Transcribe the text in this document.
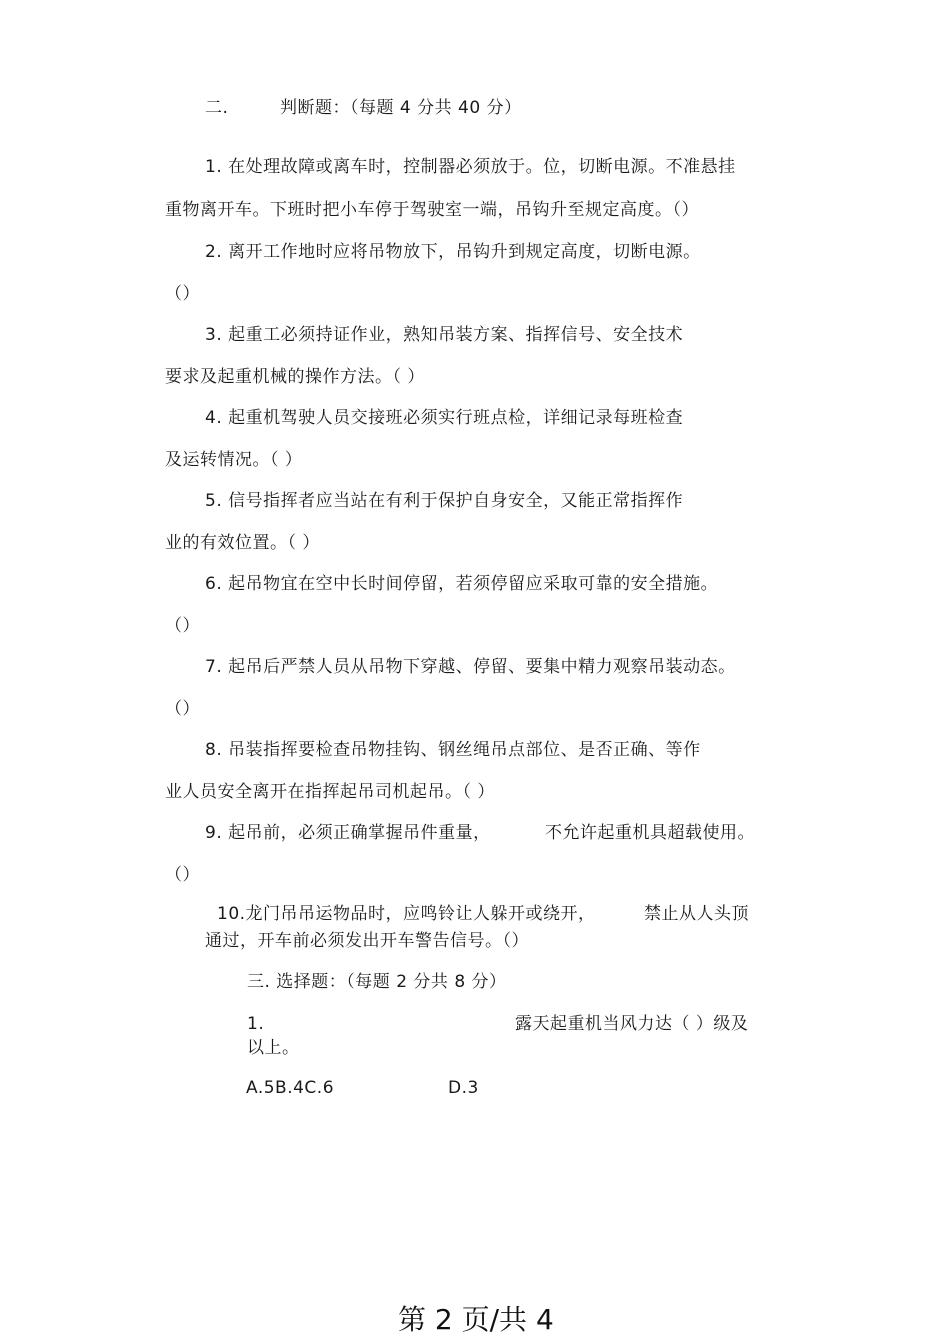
二.	判断题：（每题 4 分共 40 分）
1. 在处理故障或离车时，控制器必须放于。位，切断电源。不准悬挂
重物离开车。下班时把小车停于驾驶室一端，吊钩升至规定高度。（）
2. 离开工作地时应将吊物放下，吊钩升到规定高度，切断电源。
（）
3. 起重工必须持证作业，熟知吊装方案、指挥信号、安全技术
要求及起重机械的操作方法。（ ）
4. 起重机驾驶人员交接班必须实行班点检，详细记录每班检查
及运转情况。（ ）
5. 信号指挥者应当站在有利于保护自身安全，又能正常指挥作
业的有效位置。（ ）
6. 起吊物宜在空中长时间停留，若须停留应采取可靠的安全措施。
（）
7. 起吊后严禁人员从吊物下穿越、停留、要集中精力观察吊装动态。
（）
8. 吊装指挥要检查吊物挂钩、钢丝绳吊点部位、是否正确、等作
业人员安全离开在指挥起吊司机起吊。（ ）
9. 起吊前，必须正确掌握吊件重量，	不允许起重机具超载使用。
（）
10.龙门吊吊运物品时，应鸣铃让人躲开或绕开，	禁止从人头顶
通过，开车前必须发出开车警告信号。（）
三. 选择题：（每题 2 分共 8 分）
1.	露天起重机当风力达（ ）级及
以上。
A.5B.4C.6	D.3
第 2 页/共 4
